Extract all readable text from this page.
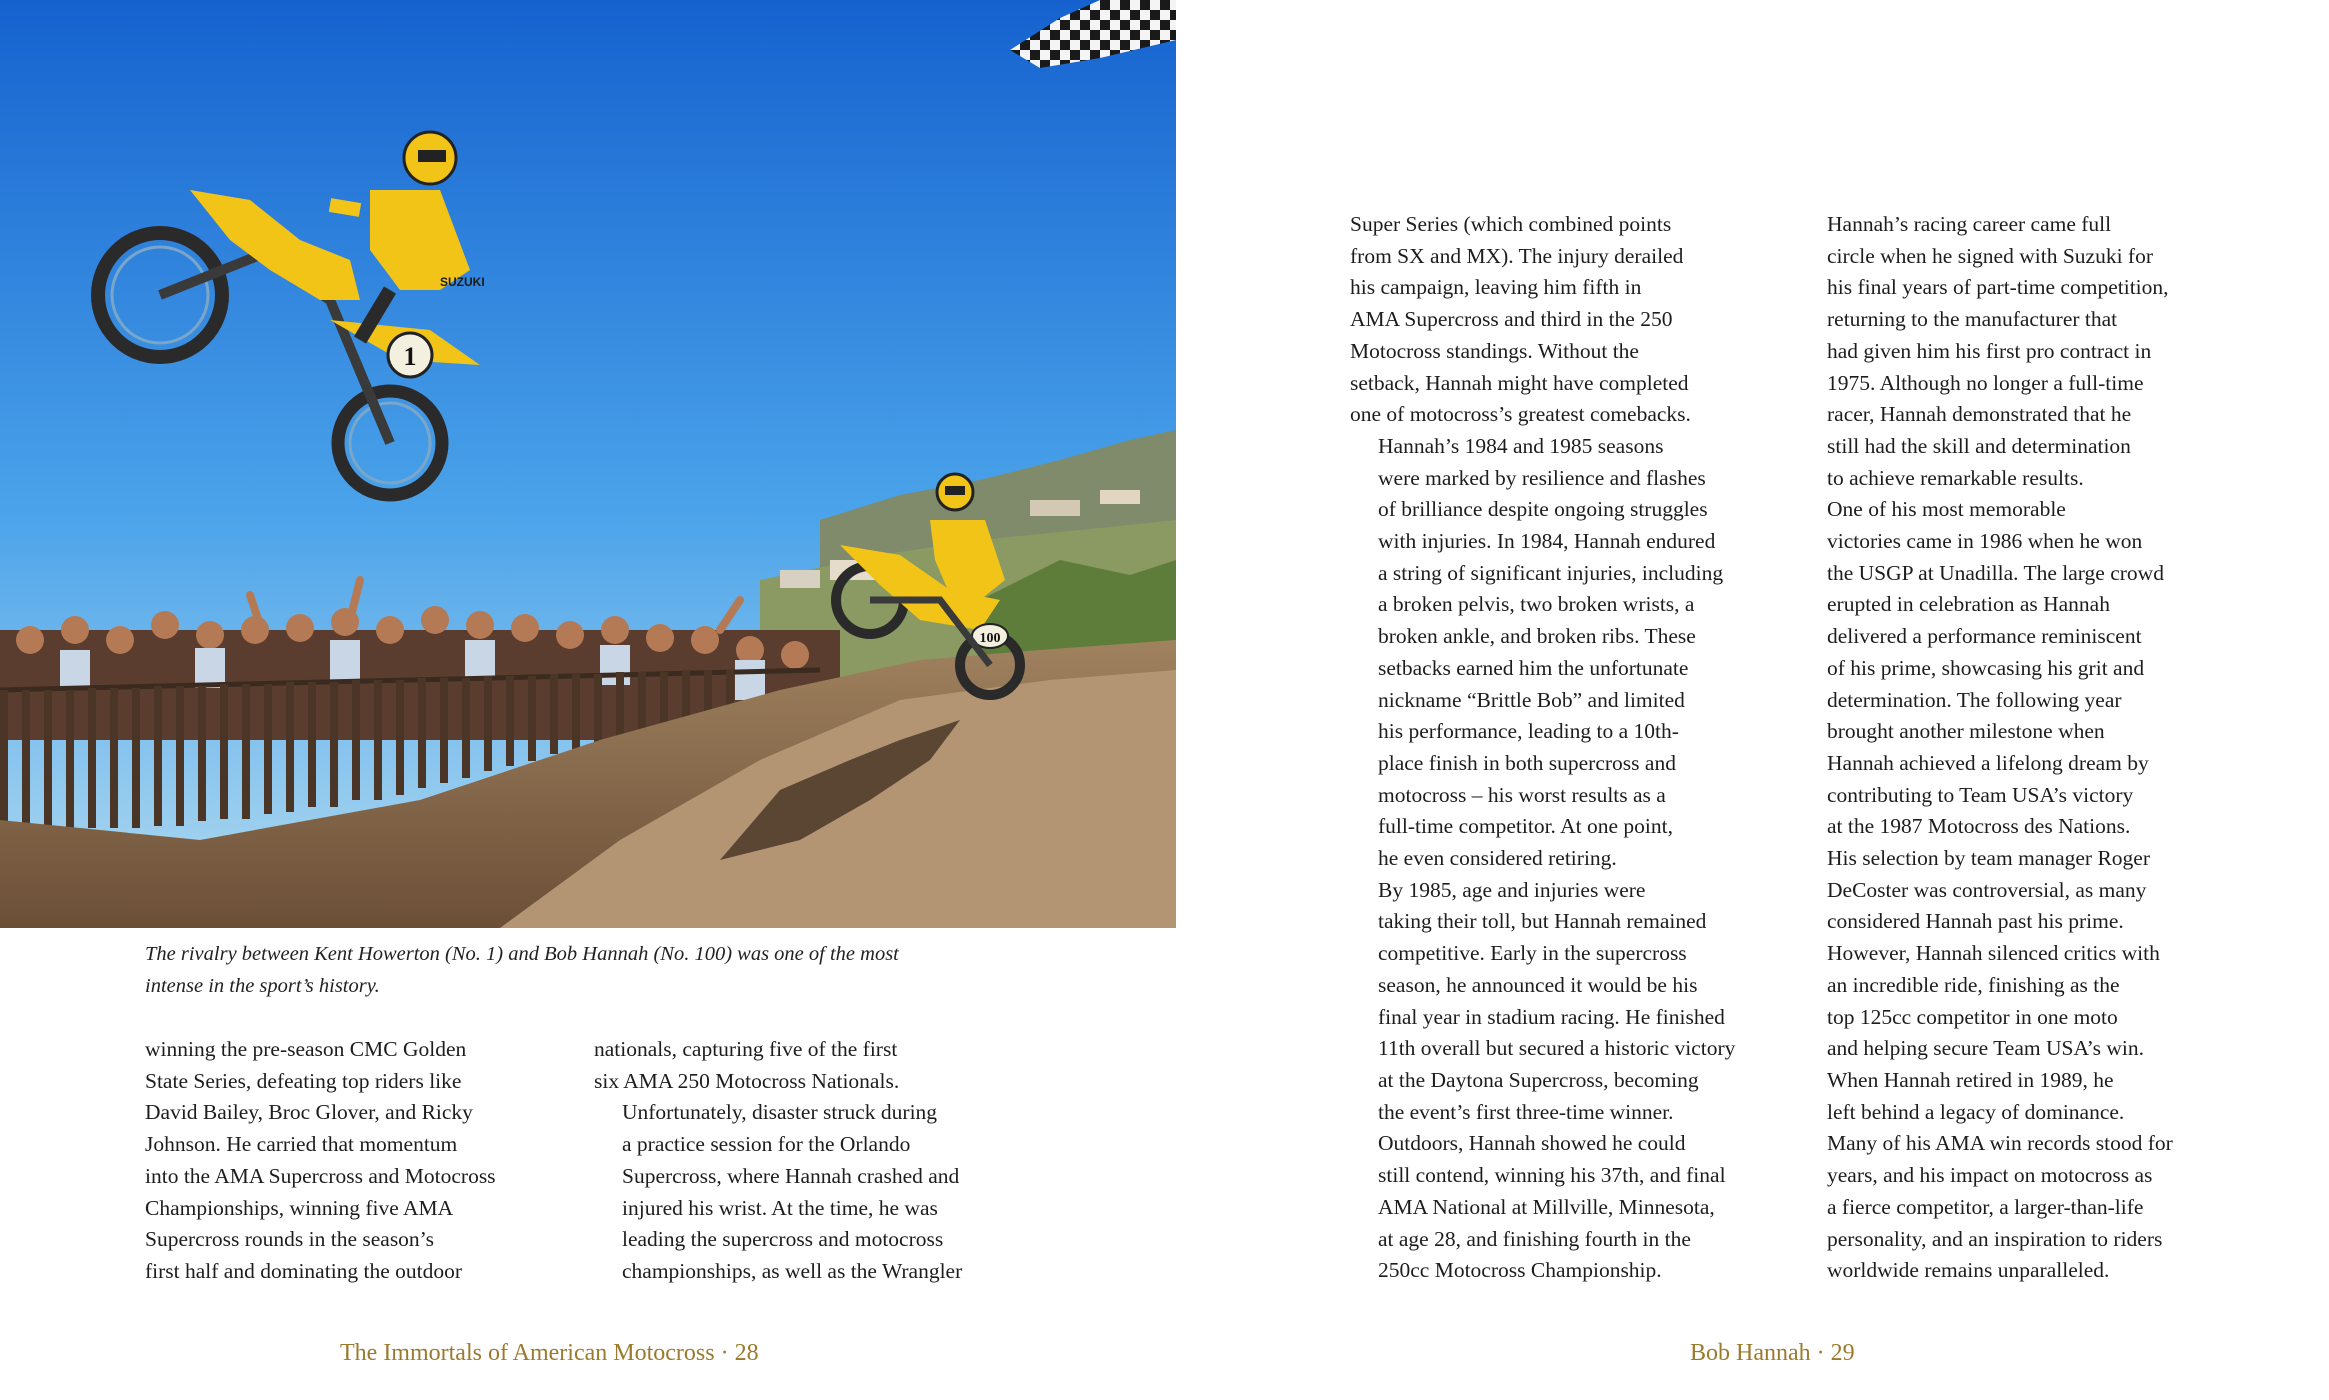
1
SUZUKI
100
The rivalry between Kent Howerton (No. 1) and Bob Hannah (No. 100) was one of the most
intense in the sport’s history.

winning the pre-season CMC Golden
State Series, defeating top riders like
David Bailey, Broc Glover, and Ricky
Johnson. He carried that momentum
into the AMA Supercross and Motocross
Championships, winning five AMA
Supercross rounds in the season’s
first half and dominating the outdoor

nationals, capturing five of the first
six AMA 250 Motocross Nationals.

Unfortunately, disaster struck during
a practice session for the Orlando
Supercross, where Hannah crashed and
injured his wrist. At the time, he was
leading the supercross and motocross
championships, as well as the Wrangler

The Immortals of American Motocross · 28

Super Series (which combined points
from SX and MX). The injury derailed
his campaign, leaving him fifth in
AMA Supercross and third in the 250
Motocross standings. Without the
setback, Hannah might have completed
one of motocross’s greatest comebacks.

Hannah’s 1984 and 1985 seasons
were marked by resilience and flashes
of brilliance despite ongoing struggles
with injuries. In 1984, Hannah endured
a string of significant injuries, including
a broken pelvis, two broken wrists, a
broken ankle, and broken ribs. These
setbacks earned him the unfortunate
nickname “Brittle Bob” and limited
his performance, leading to a 10th-
place finish in both supercross and
motocross – his worst results as a
full-time competitor. At one point,
he even considered retiring.

By 1985, age and injuries were
taking their toll, but Hannah remained
competitive. Early in the supercross
season, he announced it would be his
final year in stadium racing. He finished
11th overall but secured a historic victory
at the Daytona Supercross, becoming
the event’s first three-time winner.
Outdoors, Hannah showed he could
still contend, winning his 37th, and final
AMA National at Millville, Minnesota,
at age 28, and finishing fourth in the
250cc Motocross Championship.

Hannah’s racing career came full
circle when he signed with Suzuki for
his final years of part-time competition,
returning to the manufacturer that
had given him his first pro contract in
1975. Although no longer a full-time
racer, Hannah demonstrated that he
still had the skill and determination
to achieve remarkable results.

One of his most memorable
victories came in 1986 when he won
the USGP at Unadilla. The large crowd
erupted in celebration as Hannah
delivered a performance reminiscent
of his prime, showcasing his grit and
determination. The following year
brought another milestone when
Hannah achieved a lifelong dream by
contributing to Team USA’s victory
at the 1987 Motocross des Nations.
His selection by team manager Roger
DeCoster was controversial, as many
considered Hannah past his prime.
However, Hannah silenced critics with
an incredible ride, finishing as the
top 125cc competitor in one moto
and helping secure Team USA’s win.

When Hannah retired in 1989, he
left behind a legacy of dominance.
Many of his AMA win records stood for
years, and his impact on motocross as
a fierce competitor, a larger-than-life
personality, and an inspiration to riders
worldwide remains unparalleled.

Bob Hannah · 29
